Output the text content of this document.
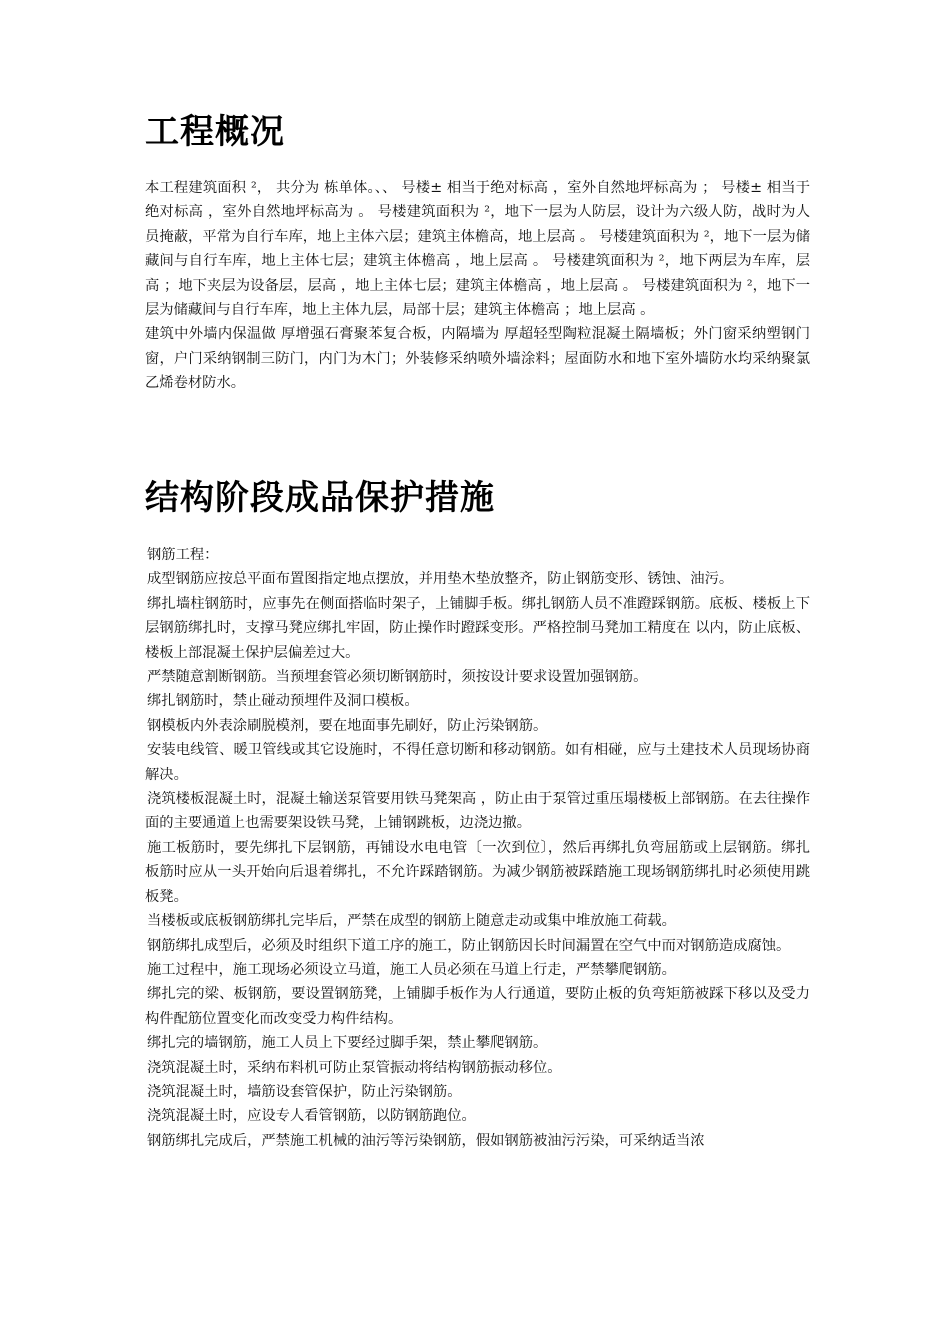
工程概况

本工程建筑面积 ²， 共分为 栋单体。、、 号楼± 相当于绝对标高 ，室外自然地坪标高为 ； 号楼± 相当于绝对标高 ，室外自然地坪标高为 。 号楼建筑面积为 ²，地下一层为人防层，设计为六级人防，战时为人员掩蔽，平常为自行车库，地上主体六层；建筑主体檐高，地上层高 。 号楼建筑面积为 ²，地下一层为储藏间与自行车库，地上主体七层；建筑主体檐高 ，地上层高 。 号楼建筑面积为 ²，地下两层为车库，层高 ；地下夹层为设备层，层高 ，地上主体七层；建筑主体檐高 ，地上层高 。 号楼建筑面积为 ²，地下一层为储藏间与自行车库，地上主体九层，局部十层；建筑主体檐高 ；地上层高 。

建筑中外墙内保温做 厚增强石膏聚苯复合板，内隔墙为 厚超轻型陶粒混凝土隔墙板；外门窗采纳塑钢门窗，户门采纳钢制三防门，内门为木门；外装修采纳喷外墙涂料；屋面防水和地下室外墙防水均采纳聚氯乙烯卷材防水。

结构阶段成品保护措施

钢筋工程：

成型钢筋应按总平面布置图指定地点摆放，并用垫木垫放整齐，防止钢筋变形、锈蚀、油污。

绑扎墙柱钢筋时，应事先在侧面搭临时架子，上铺脚手板。绑扎钢筋人员不准蹬踩钢筋。底板、楼板上下层钢筋绑扎时，支撑马凳应绑扎牢固，防止操作时蹬踩变形。严格控制马凳加工精度在 以内，防止底板、楼板上部混凝土保护层偏差过大。

严禁随意割断钢筋。当预埋套管必须切断钢筋时，须按设计要求设置加强钢筋。

绑扎钢筋时，禁止碰动预埋件及洞口模板。

钢模板内外表涂刷脱模剂，要在地面事先刷好，防止污染钢筋。

安装电线管、暖卫管线或其它设施时，不得任意切断和移动钢筋。如有相碰，应与土建技术人员现场协商解决。

浇筑楼板混凝土时，混凝土输送泵管要用铁马凳架高 ，防止由于泵管过重压塌楼板上部钢筋。在去往操作面的主要通道上也需要架设铁马凳，上铺钢跳板，边浇边撤。

施工板筋时，要先绑扎下层钢筋，再铺设水电电管〔一次到位〕，然后再绑扎负弯屈筋或上层钢筋。绑扎板筋时应从一头开始向后退着绑扎，不允许踩踏钢筋。为减少钢筋被踩踏施工现场钢筋绑扎时必须使用跳板凳。

当楼板或底板钢筋绑扎完毕后，严禁在成型的钢筋上随意走动或集中堆放施工荷载。

钢筋绑扎成型后，必须及时组织下道工序的施工，防止钢筋因长时间漏置在空气中而对钢筋造成腐蚀。

施工过程中，施工现场必须设立马道，施工人员必须在马道上行走，严禁攀爬钢筋。

绑扎完的梁、板钢筋，要设置钢筋凳，上铺脚手板作为人行通道，要防止板的负弯矩筋被踩下移以及受力构件配筋位置变化而改变受力构件结构。

绑扎完的墙钢筋，施工人员上下要经过脚手架，禁止攀爬钢筋。

浇筑混凝土时，采纳布料机可防止泵管振动将结构钢筋振动移位。

浇筑混凝土时，墙筋设套管保护，防止污染钢筋。

浇筑混凝土时，应设专人看管钢筋，以防钢筋跑位。

钢筋绑扎完成后，严禁施工机械的油污等污染钢筋，假如钢筋被油污污染，可采纳适当浓
